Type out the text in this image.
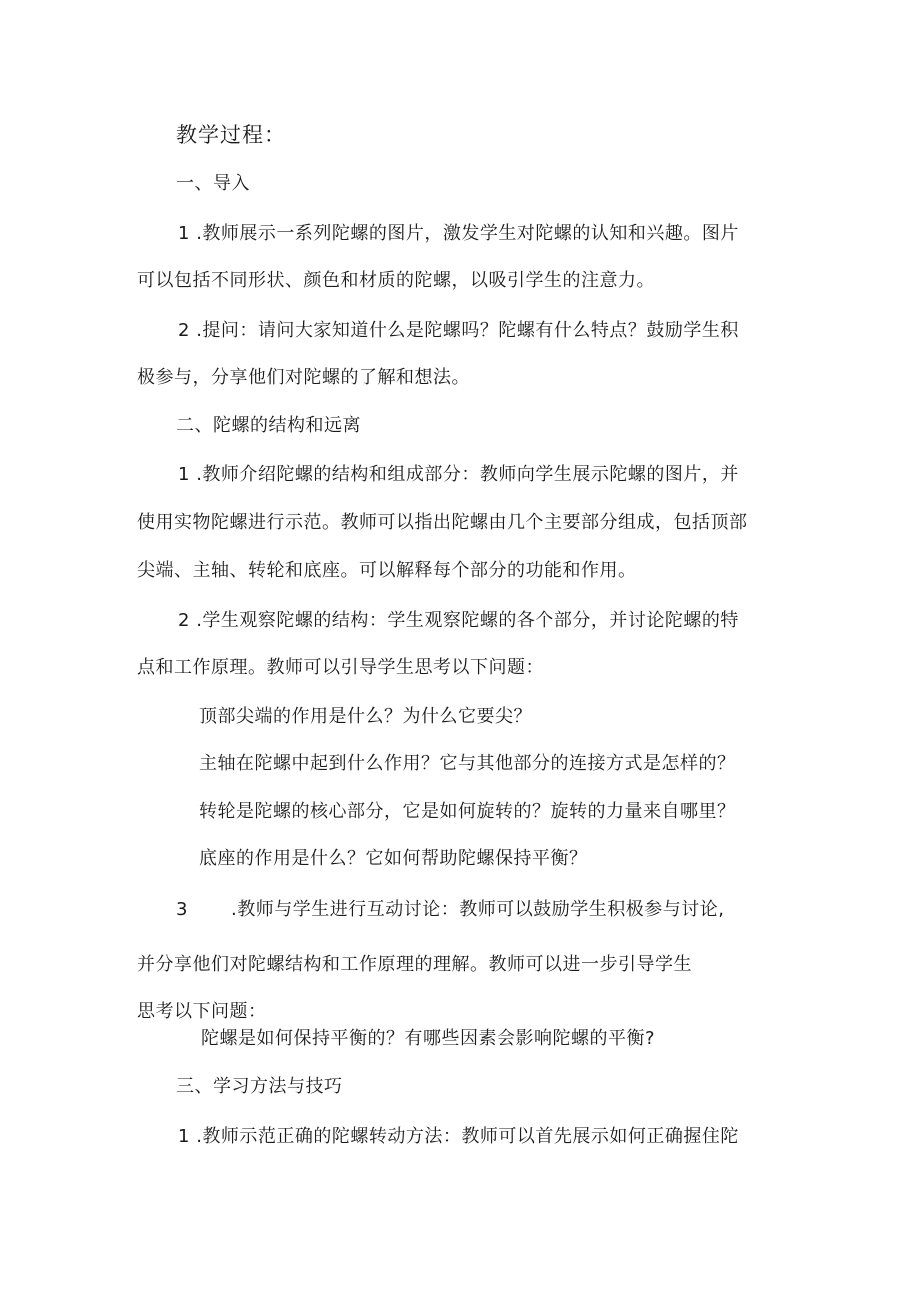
教学过程：
一、导入
1 .教师展示一系列陀螺的图片，激发学生对陀螺的认知和兴趣。图片
可以包括不同形状、颜色和材质的陀螺，以吸引学生的注意力。
2 .提问：请问大家知道什么是陀螺吗？陀螺有什么特点？鼓励学生积
极参与，分享他们对陀螺的了解和想法。
二、陀螺的结构和远离
1 .教师介绍陀螺的结构和组成部分：教师向学生展示陀螺的图片，并
使用实物陀螺进行示范。教师可以指出陀螺由几个主要部分组成，包括顶部
尖端、主轴、转轮和底座。可以解释每个部分的功能和作用。
2 .学生观察陀螺的结构：学生观察陀螺的各个部分，并讨论陀螺的特
点和工作原理。教师可以引导学生思考以下问题：
顶部尖端的作用是什么？为什么它要尖？
主轴在陀螺中起到什么作用？它与其他部分的连接方式是怎样的？
转轮是陀螺的核心部分，它是如何旋转的？旋转的力量来自哪里？
底座的作用是什么？它如何帮助陀螺保持平衡？
3 .教师与学生进行互动讨论：教师可以鼓励学生积极参与讨论,
并分享他们对陀螺结构和工作原理的理解。教师可以进一步引导学生
思考以下问题：
陀螺是如何保持平衡的？有哪些因素会影响陀螺的平衡?
三、学习方法与技巧
1 .教师示范正确的陀螺转动方法：教师可以首先展示如何正确握住陀
